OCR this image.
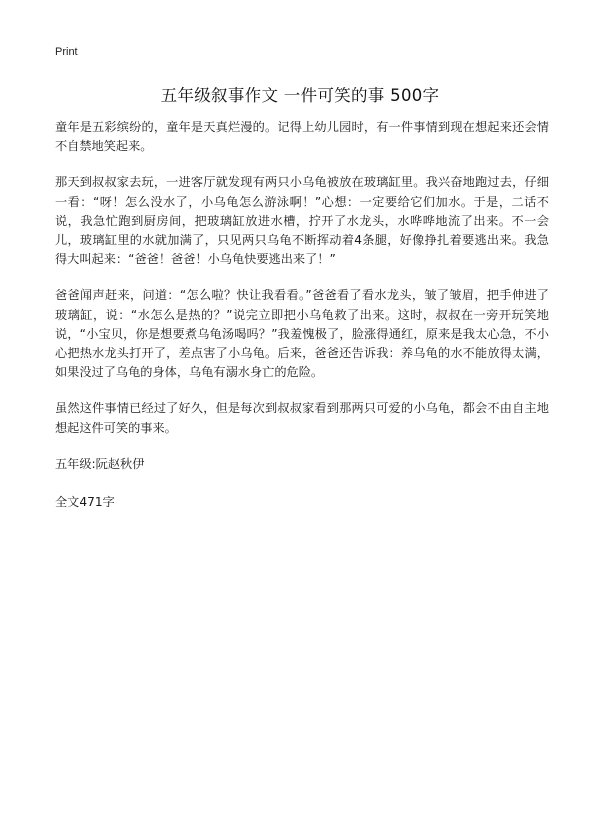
Print
五年级叙事作文 一件可笑的事 500字

童年是五彩缤纷的，童年是天真烂漫的。记得上幼儿园时，有一件事情到现在想起来还会情不自禁地笑起来。

那天到叔叔家去玩，一进客厅就发现有两只小乌龟被放在玻璃缸里。我兴奋地跑过去，仔细一看：“呀！怎么没水了，小乌龟怎么游泳啊！”心想：一定要给它们加水。于是，二话不说，我急忙跑到厨房间，把玻璃缸放进水槽，拧开了水龙头，水哗哗地流了出来。不一会儿，玻璃缸里的水就加满了，只见两只乌龟不断挥动着4条腿，好像挣扎着要逃出来。我急得大叫起来：“爸爸！爸爸！小乌龟快要逃出来了！”

爸爸闻声赶来，问道：“怎么啦？快让我看看。”爸爸看了看水龙头，皱了皱眉，把手伸进了玻璃缸，说：“水怎么是热的？”说完立即把小乌龟救了出来。这时，叔叔在一旁开玩笑地说，“小宝贝，你是想要煮乌龟汤喝吗？”我羞愧极了，脸涨得通红，原来是我太心急，不小心把热水龙头打开了，差点害了小乌龟。后来，爸爸还告诉我：养乌龟的水不能放得太满，如果没过了乌龟的身体，乌龟有溺水身亡的危险。

虽然这件事情已经过了好久，但是每次到叔叔家看到那两只可爱的小乌龟，都会不由自主地想起这件可笑的事来。

五年级:阮赵秋伊
全文471字
